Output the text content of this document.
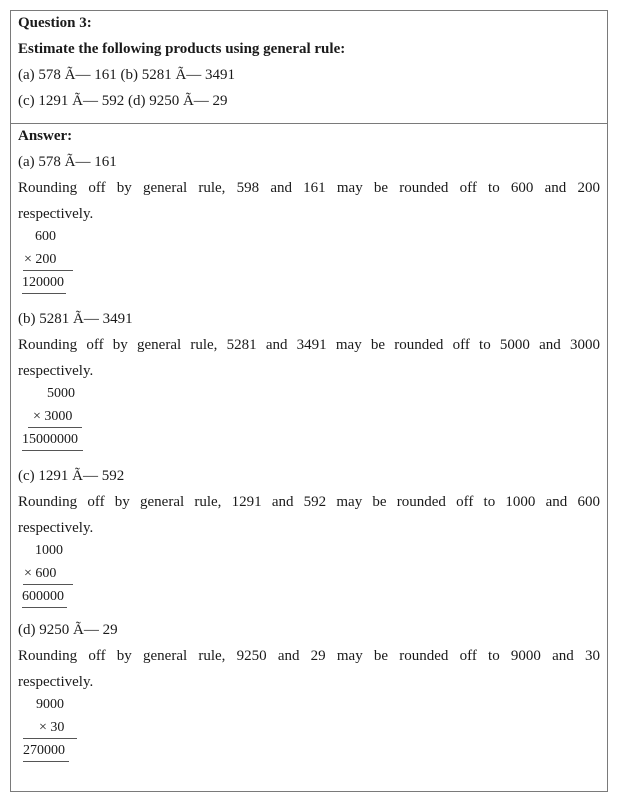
Question 3:
Estimate the following products using general rule:
(a) 578 Ã— 161 (b) 5281 Ã— 3491
(c) 1291 Ã— 592 (d) 9250 Ã— 29
Answer:
(a) 578 Ã— 161
Rounding off by general rule, 598 and 161 may be rounded off to 600 and 200
respectively.
600
× 200
120000
(b) 5281 Ã— 3491
Rounding off by general rule, 5281 and 3491 may be rounded off to 5000 and 3000
respectively.
5000
× 3000
15000000
(c) 1291 Ã— 592
Rounding off by general rule, 1291 and 592 may be rounded off to 1000 and 600
respectively.
1000
× 600
600000
(d) 9250 Ã— 29
Rounding off by general rule, 9250 and 29 may be rounded off to 9000 and 30
respectively.
9000
× 30
270000
